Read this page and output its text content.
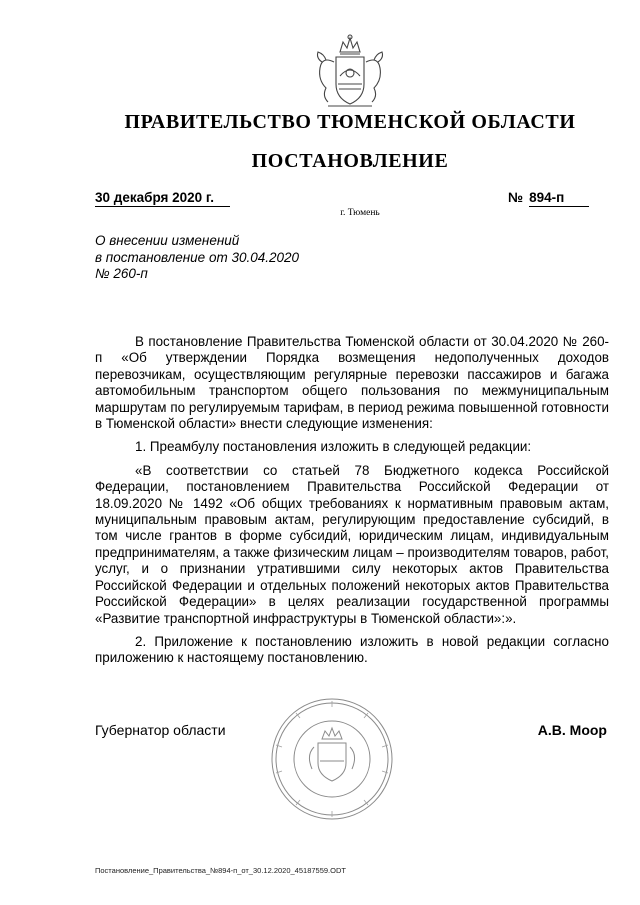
ПРАВИТЕЛЬСТВО ТЮМЕНСКОЙ ОБЛАСТИ
ПОСТАНОВЛЕНИЕ
30 декабря 2020 г.	№ 894-п
г. Тюмень
О внесении изменений
в постановление от 30.04.2020
№ 260-п

В постановление Правительства Тюменской области от 30.04.2020 № 260-п «Об утверждении Порядка возмещения недополученных доходов перевозчикам, осуществляющим регулярные перевозки пассажиров и багажа автомобильным транспортом общего пользования по межмуниципальным маршрутам по регулируемым тарифам, в период режима повышенной готовности в Тюменской области» внести следующие изменения:

1. Преамбулу постановления изложить в следующей редакции:

«В соответствии со статьей 78 Бюджетного кодекса Российской Федерации, постановлением Правительства Российской Федерации от 18.09.2020 № 1492 «Об общих требованиях к нормативным правовым актам, муниципальным правовым актам, регулирующим предоставление субсидий, в том числе грантов в форме субсидий, юридическим лицам, индивидуальным предпринимателям, а также физическим лицам – производителям товаров, работ, услуг, и о признании утратившими силу некоторых актов Правительства Российской Федерации и отдельных положений некоторых актов Правительства Российской Федерации» в целях реализации государственной программы «Развитие транспортной инфраструктуры в Тюменской области»:».

2. Приложение к постановлению изложить в новой редакции согласно приложению к настоящему постановлению.

Губернатор области	А.В. Моор
Постановление_Правительства_№894-п_от_30.12.2020_45187559.ODT
